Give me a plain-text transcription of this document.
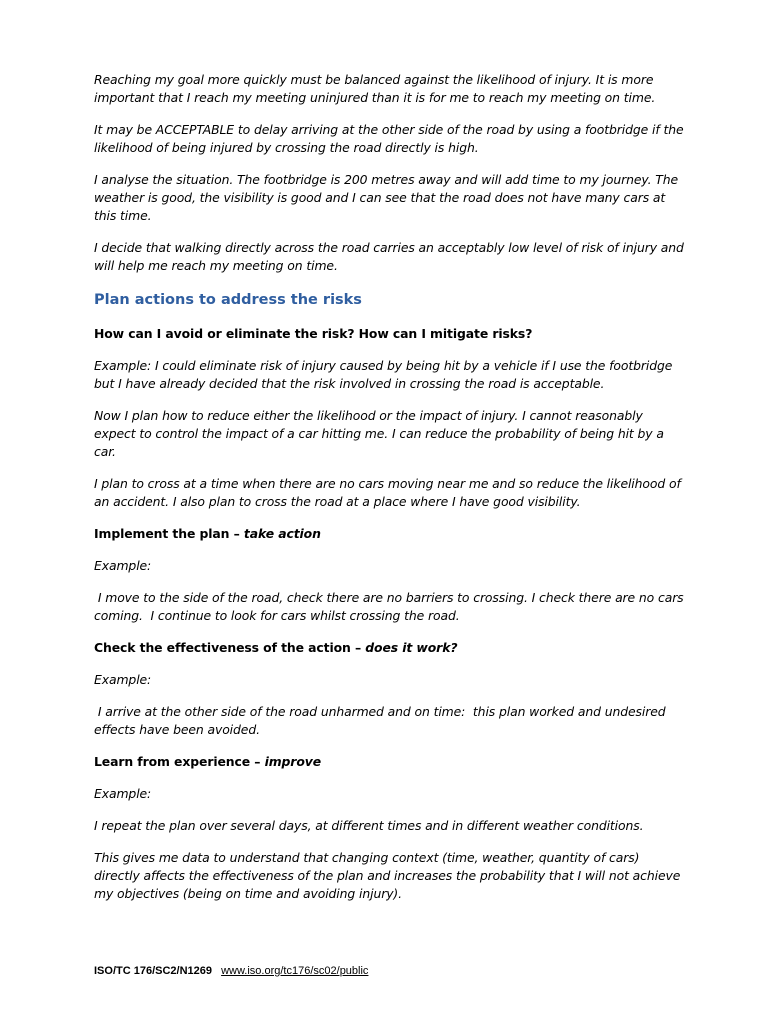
Reaching my goal more quickly must be balanced against the likelihood of injury. It is more important that I reach my meeting uninjured than it is for me to reach my meeting on time.

It may be ACCEPTABLE to delay arriving at the other side of the road by using a footbridge if the likelihood of being injured by crossing the road directly is high.

I analyse the situation. The footbridge is 200 metres away and will add time to my journey. The weather is good, the visibility is good and I can see that the road does not have many cars at this time.

I decide that walking directly across the road carries an acceptably low level of risk of injury and will help me reach my meeting on time.

Plan actions to address the risks

How can I avoid or eliminate the risk? How can I mitigate risks?

Example: I could eliminate risk of injury caused by being hit by a vehicle if I use the footbridge but I have already decided that the risk involved in crossing the road is acceptable.

Now I plan how to reduce either the likelihood or the impact of injury. I cannot reasonably expect to control the impact of a car hitting me. I can reduce the probability of being hit by a car.

I plan to cross at a time when there are no cars moving near me and so reduce the likelihood of an accident. I also plan to cross the road at a place where I have good visibility.

Implement the plan – take action

Example:

I move to the side of the road, check there are no barriers to crossing. I check there are no cars coming.  I continue to look for cars whilst crossing the road.

Check the effectiveness of the action – does it work?

Example:

I arrive at the other side of the road unharmed and on time:  this plan worked and undesired effects have been avoided.

Learn from experience – improve

Example:

I repeat the plan over several days, at different times and in different weather conditions.

This gives me data to understand that changing context (time, weather, quantity of cars) directly affects the effectiveness of the plan and increases the probability that I will not achieve my objectives (being on time and avoiding injury).

ISO/TC 176/SC2/N1269 www.iso.org/tc176/sc02/public
